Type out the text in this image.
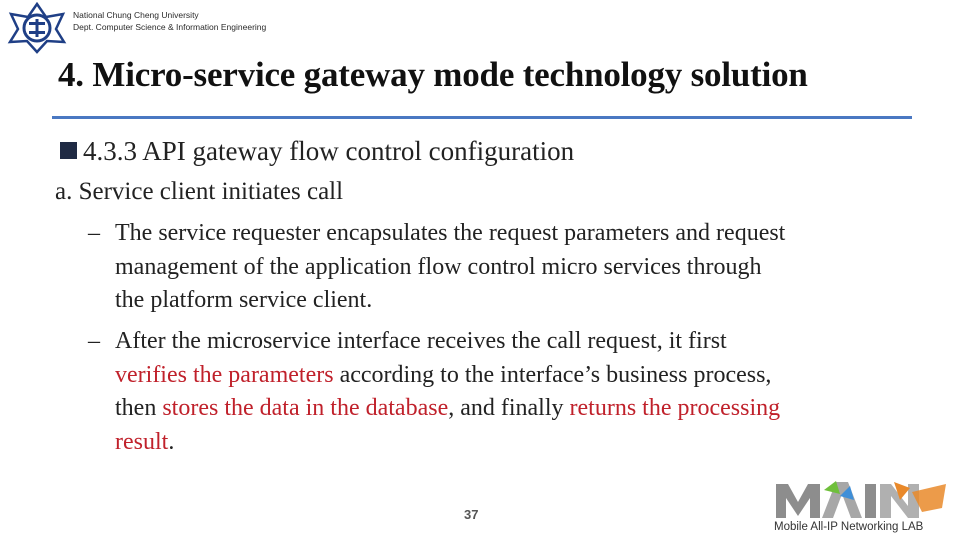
National Chung Cheng University
Dept. Computer Science & Information Engineering
4. Micro-service gateway mode technology solution
4.3.3 API gateway flow control configuration
a. Service client initiates call
– The service requester encapsulates the request parameters and request
management of the application flow control micro services through
the platform service client.
– After the microservice interface receives the call request, it first
verifies the parameters according to the interface’s business process,
then stores the data in the database, and finally returns the processing
result.
37
Mobile All-IP Networking LAB
